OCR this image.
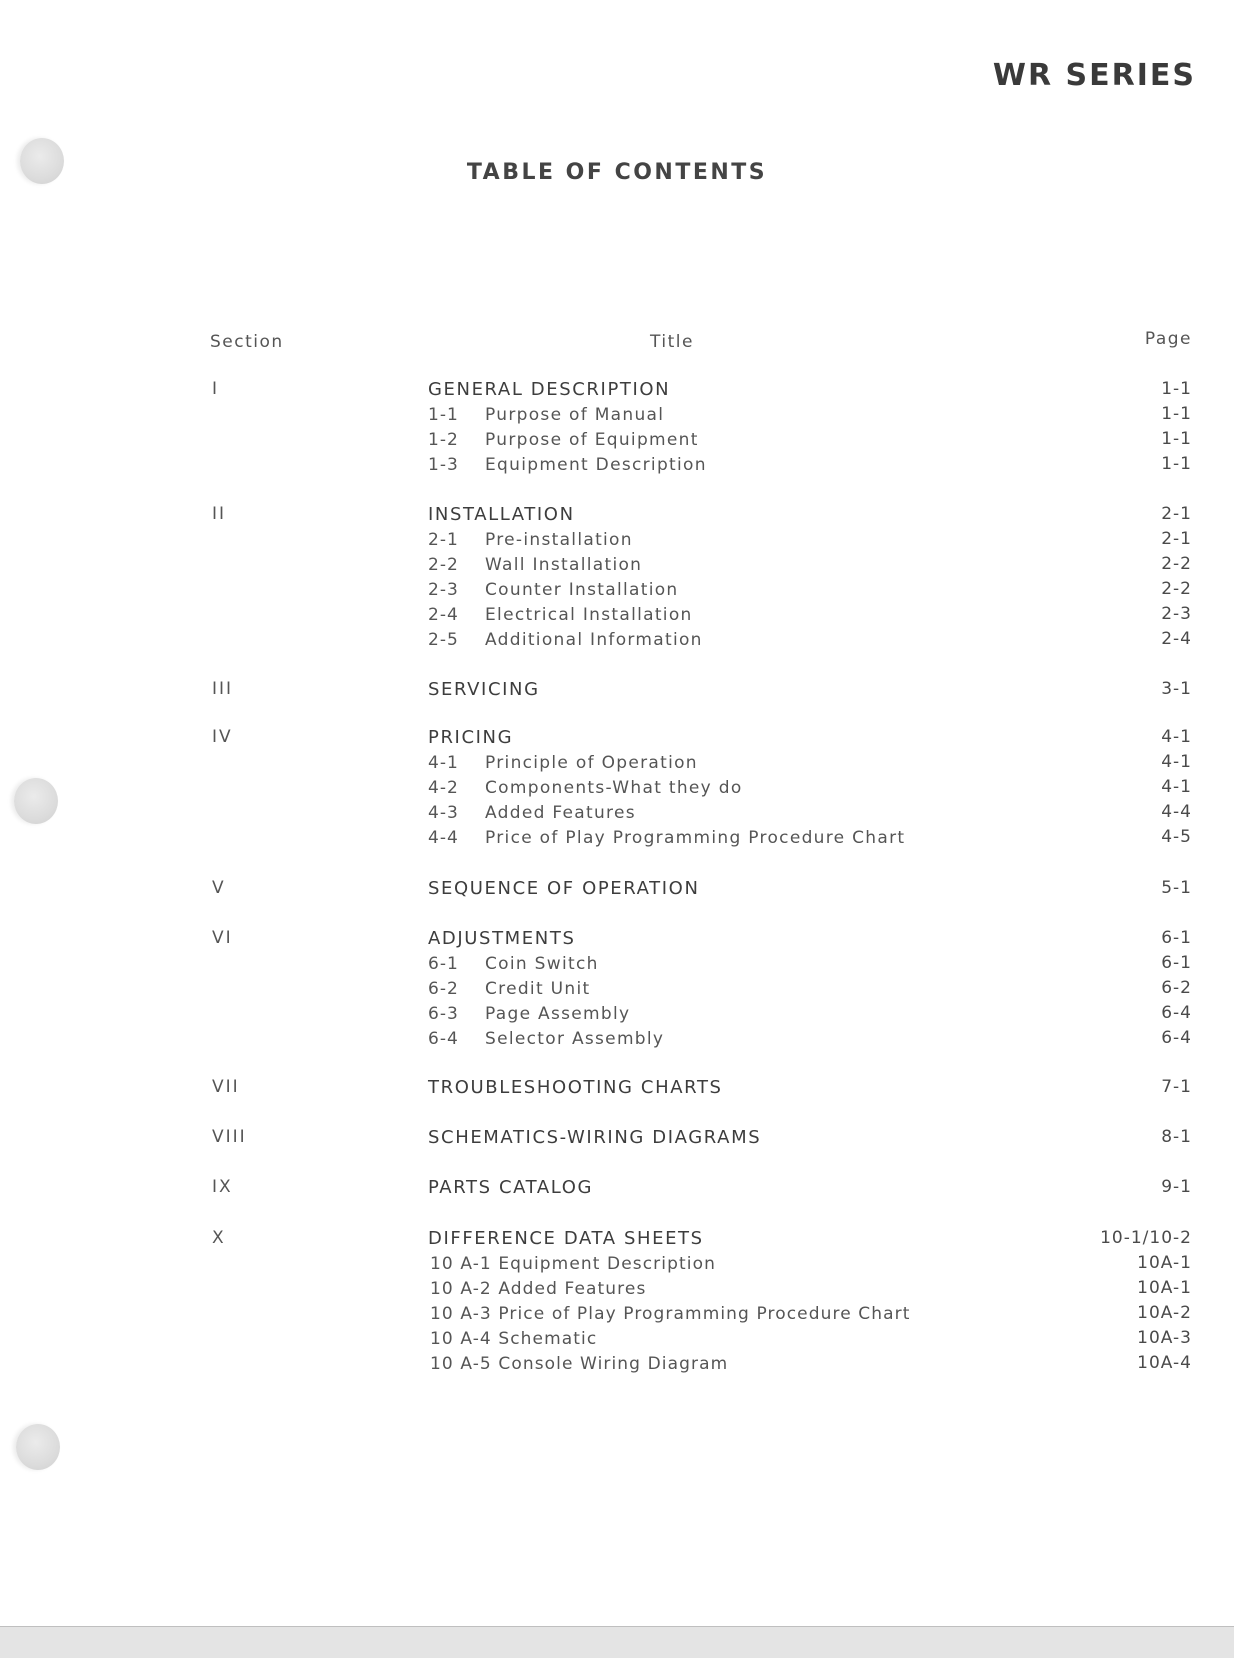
WR SERIES
TABLE OF CONTENTS
Section	Title	Page
I	GENERAL DESCRIPTION	1-1
1-1 Purpose of Manual	1-1
1-2 Purpose of Equipment	1-1
1-3 Equipment Description	1-1
II	INSTALLATION	2-1
2-1 Pre-installation	2-1
2-2 Wall Installation	2-2
2-3 Counter Installation	2-2
2-4 Electrical Installation	2-3
2-5 Additional Information	2-4
III	SERVICING	3-1
IV	PRICING	4-1
4-1 Principle of Operation	4-1
4-2 Components-What they do	4-1
4-3 Added Features	4-4
4-4 Price of Play Programming Procedure Chart	4-5
V	SEQUENCE OF OPERATION	5-1
VI	ADJUSTMENTS	6-1
6-1 Coin Switch	6-1
6-2 Credit Unit	6-2
6-3 Page Assembly	6-4
6-4 Selector Assembly	6-4
VII	TROUBLESHOOTING CHARTS	7-1
VIII	SCHEMATICS-WIRING DIAGRAMS	8-1
IX	PARTS CATALOG	9-1
X	DIFFERENCE DATA SHEETS	10-1/10-2
10 A-1 Equipment Description	10A-1
10 A-2 Added Features	10A-1
10 A-3 Price of Play Programming Procedure Chart	10A-2
10 A-4 Schematic	10A-3
10 A-5 Console Wiring Diagram	10A-4
